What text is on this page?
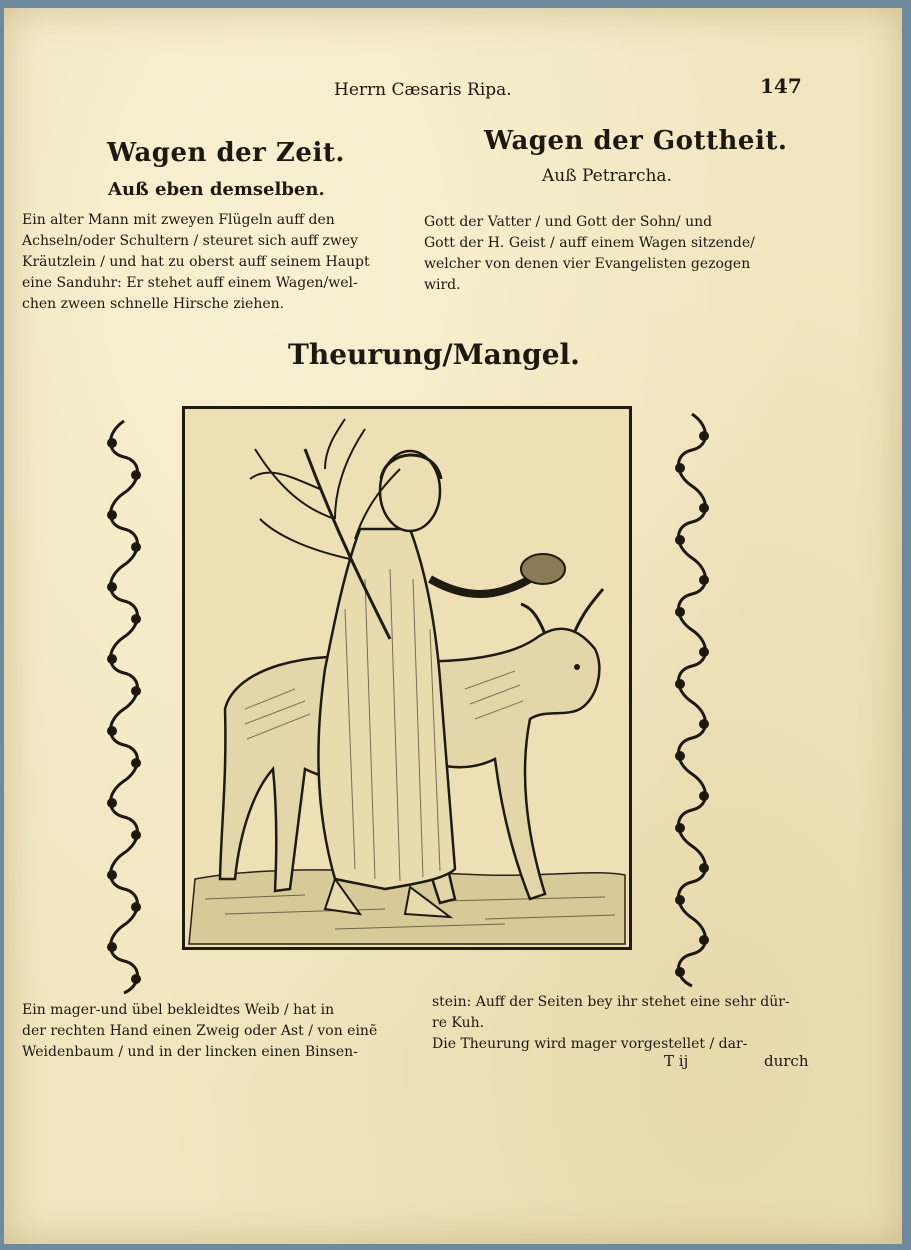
Herrn Cæsaris Ripa.	147
Wagen der Zeit.
Auß eben demselben.
Ein alter Mann mit zweyen Flügeln auff den
Achseln/oder Schultern / steuret sich auff zwey
Kräutzlein / und hat zu oberst auff seinem Haupt
eine Sanduhr: Er stehet auff einem Wagen/wel-
chen zween schnelle Hirsche ziehen.
Wagen der Gottheit.
Auß Petrarcha.
Gott der Vatter / und Gott der Sohn/ und
Gott der H. Geist / auff einem Wagen sitzende/
welcher von denen vier Evangelisten gezogen
wird.
Theurung/Mangel.
Ein mager-und übel bekleidtes Weib / hat in
der rechten Hand einen Zweig oder Ast / von einẽ
Weidenbaum / und in der lincken einen Binsen-
stein: Auff der Seiten bey ihr stehet eine sehr dür-
re Kuh.
Die Theurung wird mager vorgestellet / dar-
T ij	durch
